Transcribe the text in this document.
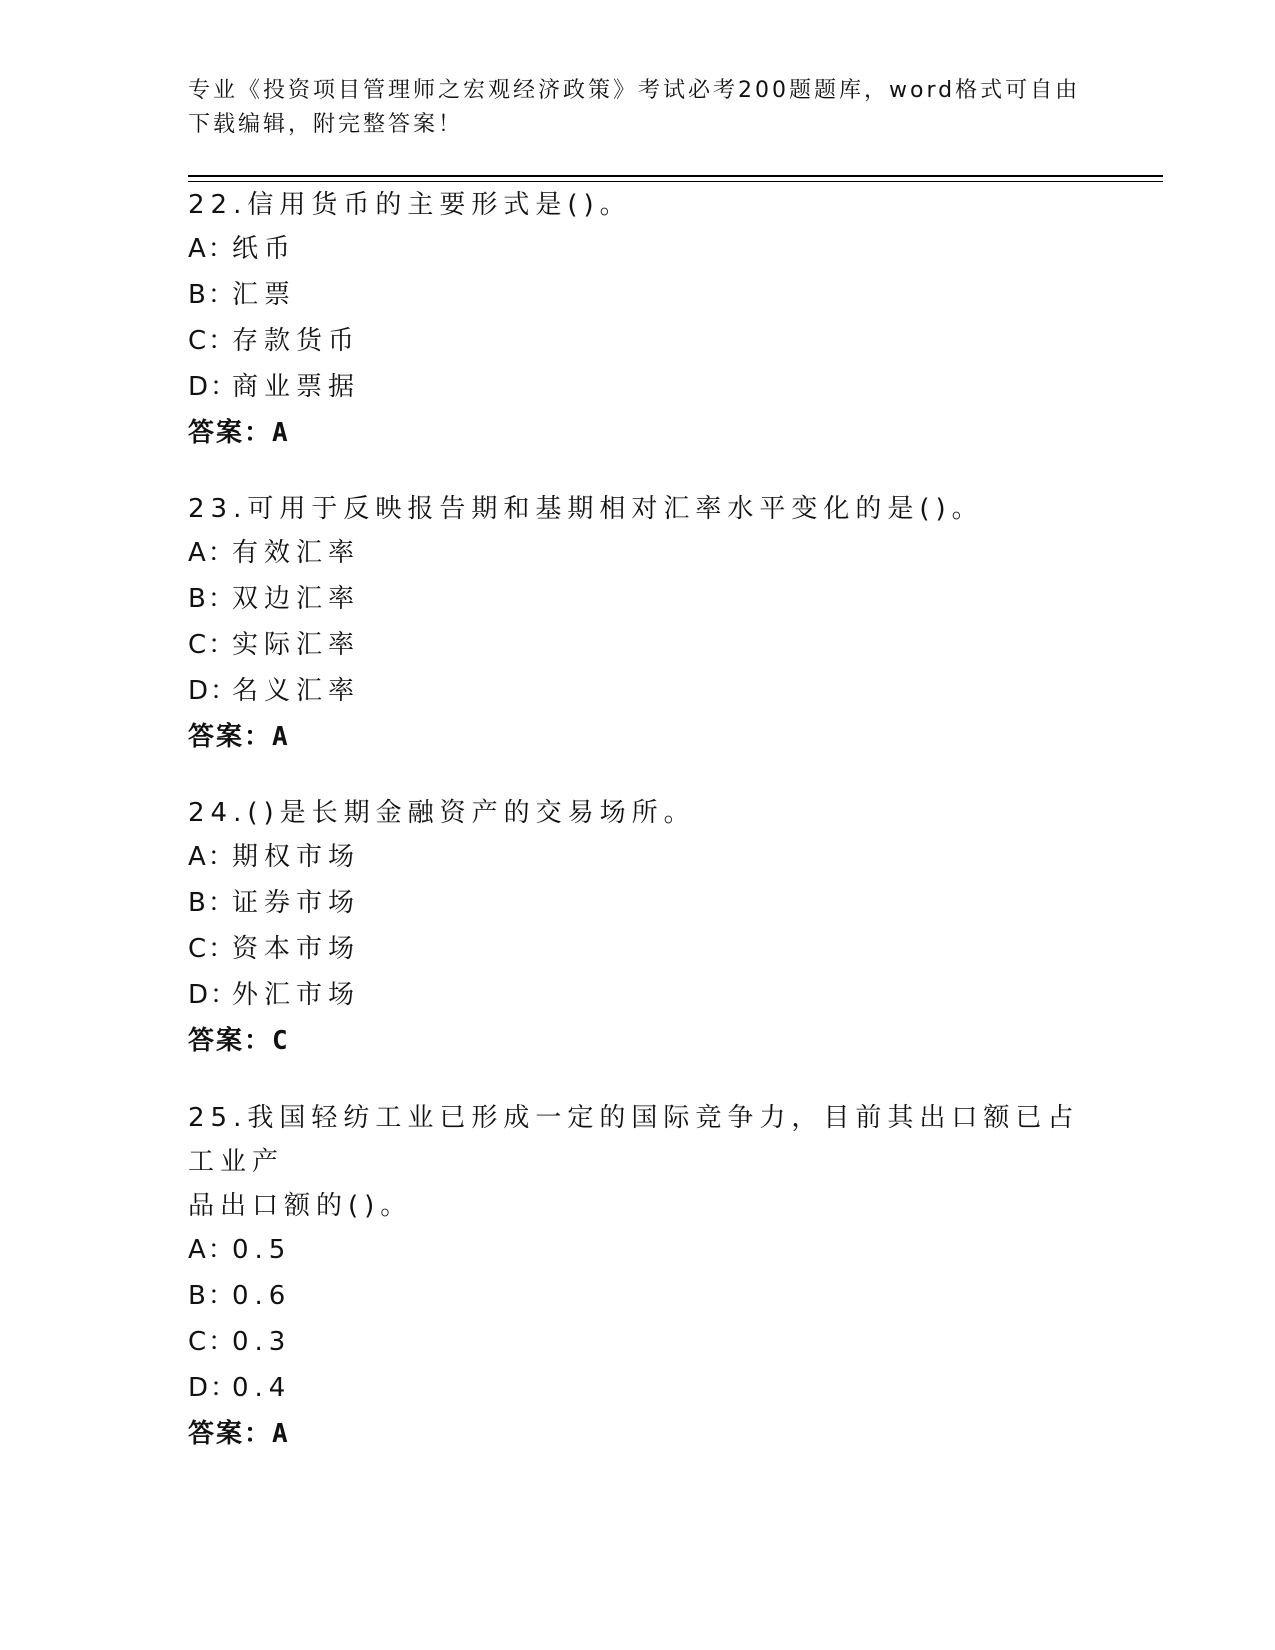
专业《投资项目管理师之宏观经济政策》考试必考200题题库，word格式可自由
下载编辑，附完整答案！
22.信用货币的主要形式是()。
A：纸币
B：汇票
C：存款货币
D：商业票据
答案：A
23.可用于反映报告期和基期相对汇率水平变化的是()。
A：有效汇率
B：双边汇率
C：实际汇率
D：名义汇率
答案：A
24.()是长期金融资产的交易场所。
A：期权市场
B：证券市场
C：资本市场
D：外汇市场
答案：C
25.我国轻纺工业已形成一定的国际竞争力，目前其出口额已占工业产
品出口额的()。
A：0.5
B：0.6
C：0.3
D：0.4
答案：A
